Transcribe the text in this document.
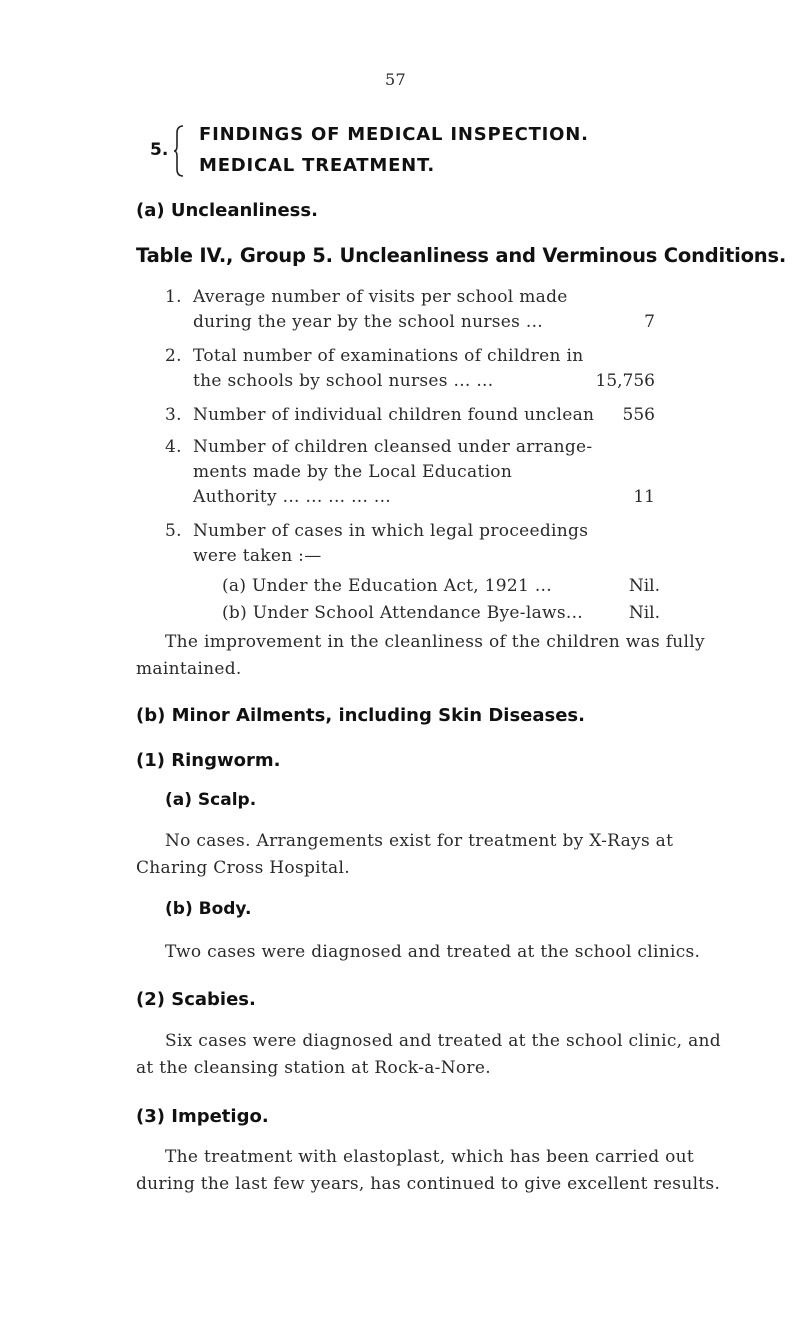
57
5.
FINDINGS OF MEDICAL INSPECTION.
MEDICAL TREATMENT.
(a) Uncleanliness.
Table IV., Group 5. Uncleanliness and Verminous Conditions.
1. Average number of visits per school made
during the year by the school nurses ...	7
2. Total number of examinations of children in
the schools by school nurses ... ...	15,756
3. Number of individual children found unclean	556
4. Number of children cleansed under arrange-
ments made by the Local Education
Authority ... ... ... ... ...	11
5. Number of cases in which legal proceedings
were taken :—
(a) Under the Education Act, 1921 ...	Nil.
(b) Under School Attendance Bye-laws...	Nil.
The improvement in the cleanliness of the children was fully
maintained.
(b) Minor Ailments, including Skin Diseases.
(1) Ringworm.
(a) Scalp.
No cases. Arrangements exist for treatment by X-Rays at
Charing Cross Hospital.
(b) Body.
Two cases were diagnosed and treated at the school clinics.
(2) Scabies.
Six cases were diagnosed and treated at the school clinic, and
at the cleansing station at Rock-a-Nore.
(3) Impetigo.
The treatment with elastoplast, which has been carried out
during the last few years, has continued to give excellent results.
